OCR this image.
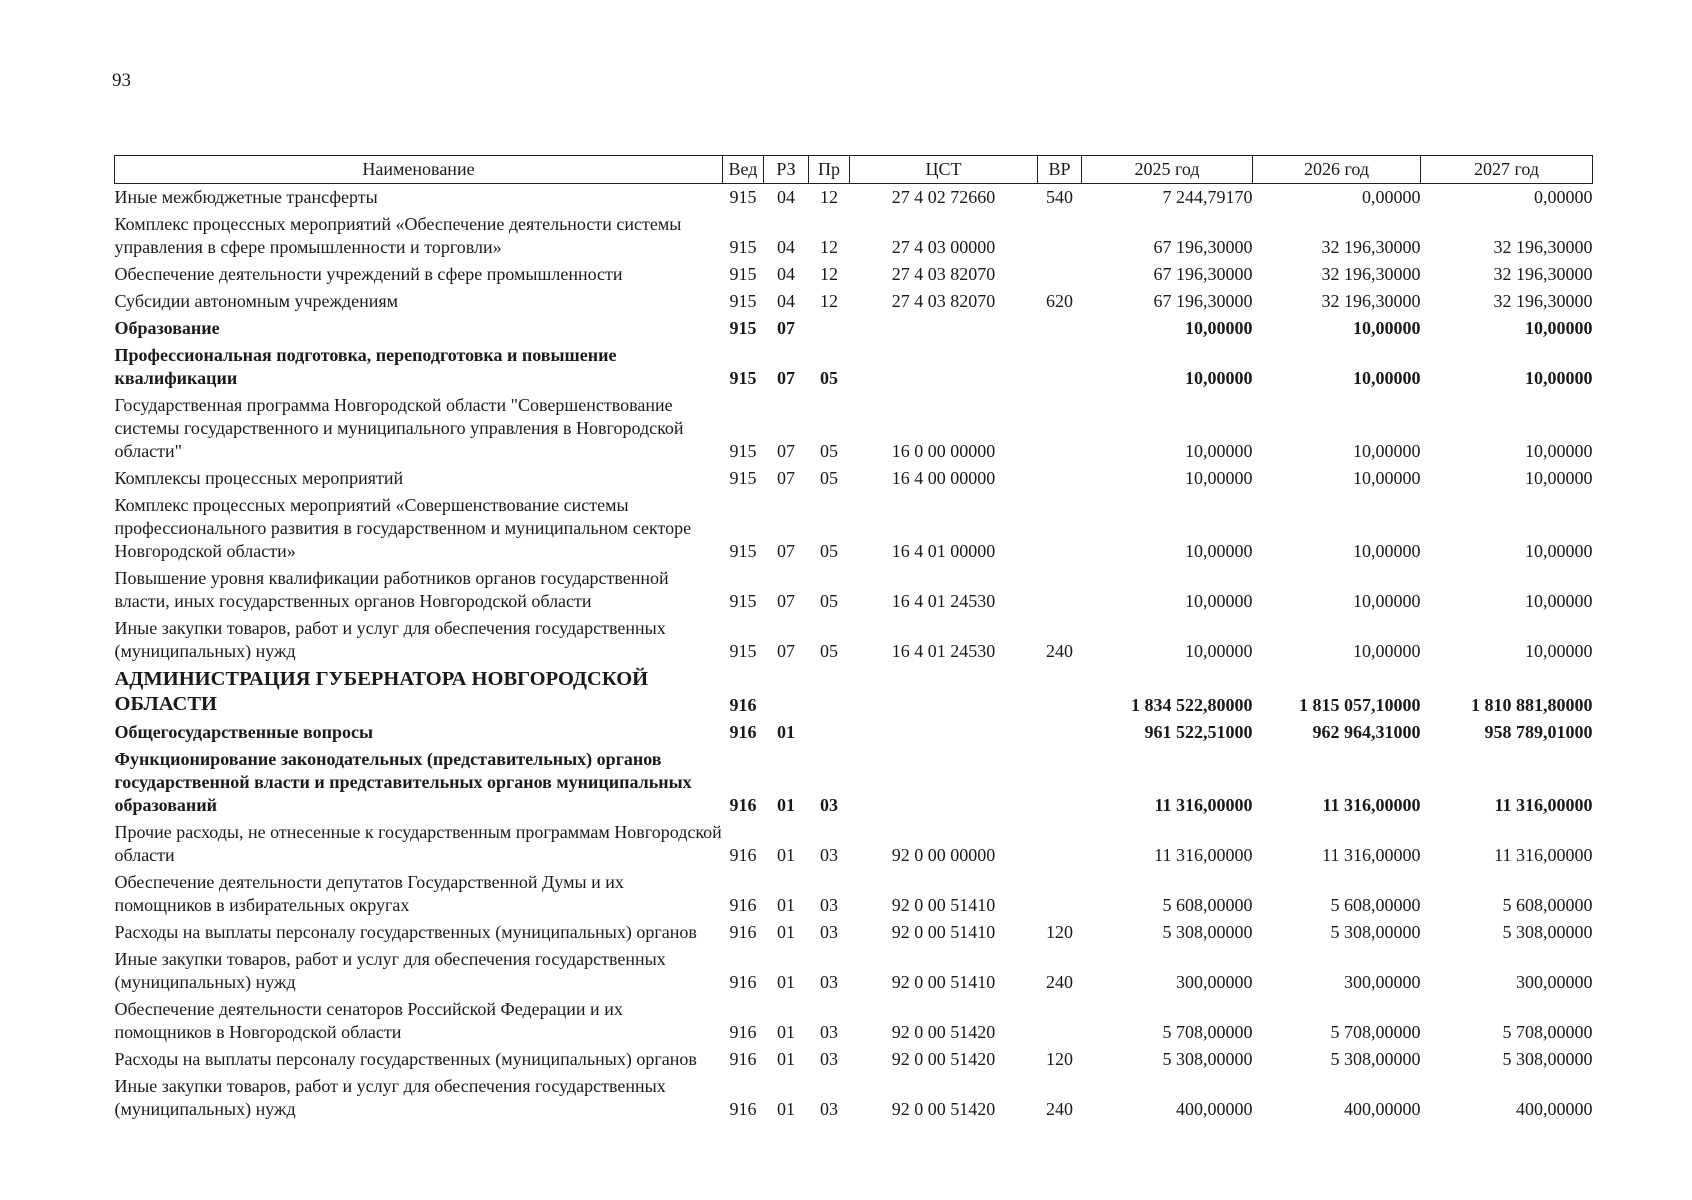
93
Наименование	Вед	РЗ	Пр	ЦСТ	ВР	2025 год	2026 год	2027 год
Иные межбюджетные трансферты	915	04	12	27 4 02 72660	540	7 244,79170	0,00000	0,00000
Комплекс процессных мероприятий «Обеспечение деятельности системы управления в сфере промышленности и торговли»	915	04	12	27 4 03 00000		67 196,30000	32 196,30000	32 196,30000
Обеспечение деятельности учреждений в сфере промышленности	915	04	12	27 4 03 82070		67 196,30000	32 196,30000	32 196,30000
Субсидии автономным учреждениям	915	04	12	27 4 03 82070	620	67 196,30000	32 196,30000	32 196,30000
Образование	915	07				10,00000	10,00000	10,00000
Профессиональная подготовка, переподготовка и повышение квалификации	915	07	05			10,00000	10,00000	10,00000
Государственная программа Новгородской области "Совершенствование системы государственного и муниципального управления в Новгородской области"	915	07	05	16 0 00 00000		10,00000	10,00000	10,00000
Комплексы процессных мероприятий	915	07	05	16 4 00 00000		10,00000	10,00000	10,00000
Комплекс процессных мероприятий «Совершенствование системы профессионального развития в государственном и муниципальном секторе Новгородской области»	915	07	05	16 4 01 00000		10,00000	10,00000	10,00000
Повышение уровня квалификации работников органов государственной власти, иных государственных органов Новгородской области	915	07	05	16 4 01 24530		10,00000	10,00000	10,00000
Иные закупки товаров, работ и услуг для обеспечения государственных (муниципальных) нужд	915	07	05	16 4 01 24530	240	10,00000	10,00000	10,00000
АДМИНИСТРАЦИЯ ГУБЕРНАТОРА НОВГОРОДСКОЙ ОБЛАСТИ	916					1 834 522,80000	1 815 057,10000	1 810 881,80000
Общегосударственные вопросы	916	01				961 522,51000	962 964,31000	958 789,01000
Функционирование законодательных (представительных) органов государственной власти и представительных органов муниципальных образований	916	01	03			11 316,00000	11 316,00000	11 316,00000
Прочие расходы, не отнесенные к государственным программам Новгородской области	916	01	03	92 0 00 00000		11 316,00000	11 316,00000	11 316,00000
Обеспечение деятельности депутатов Государственной Думы и их помощников в избирательных округах	916	01	03	92 0 00 51410		5 608,00000	5 608,00000	5 608,00000
Расходы на выплаты персоналу государственных (муниципальных) органов	916	01	03	92 0 00 51410	120	5 308,00000	5 308,00000	5 308,00000
Иные закупки товаров, работ и услуг для обеспечения государственных (муниципальных) нужд	916	01	03	92 0 00 51410	240	300,00000	300,00000	300,00000
Обеспечение деятельности сенаторов Российской Федерации и их помощников в Новгородской области	916	01	03	92 0 00 51420		5 708,00000	5 708,00000	5 708,00000
Расходы на выплаты персоналу государственных (муниципальных) органов	916	01	03	92 0 00 51420	120	5 308,00000	5 308,00000	5 308,00000
Иные закупки товаров, работ и услуг для обеспечения государственных (муниципальных) нужд	916	01	03	92 0 00 51420	240	400,00000	400,00000	400,00000
